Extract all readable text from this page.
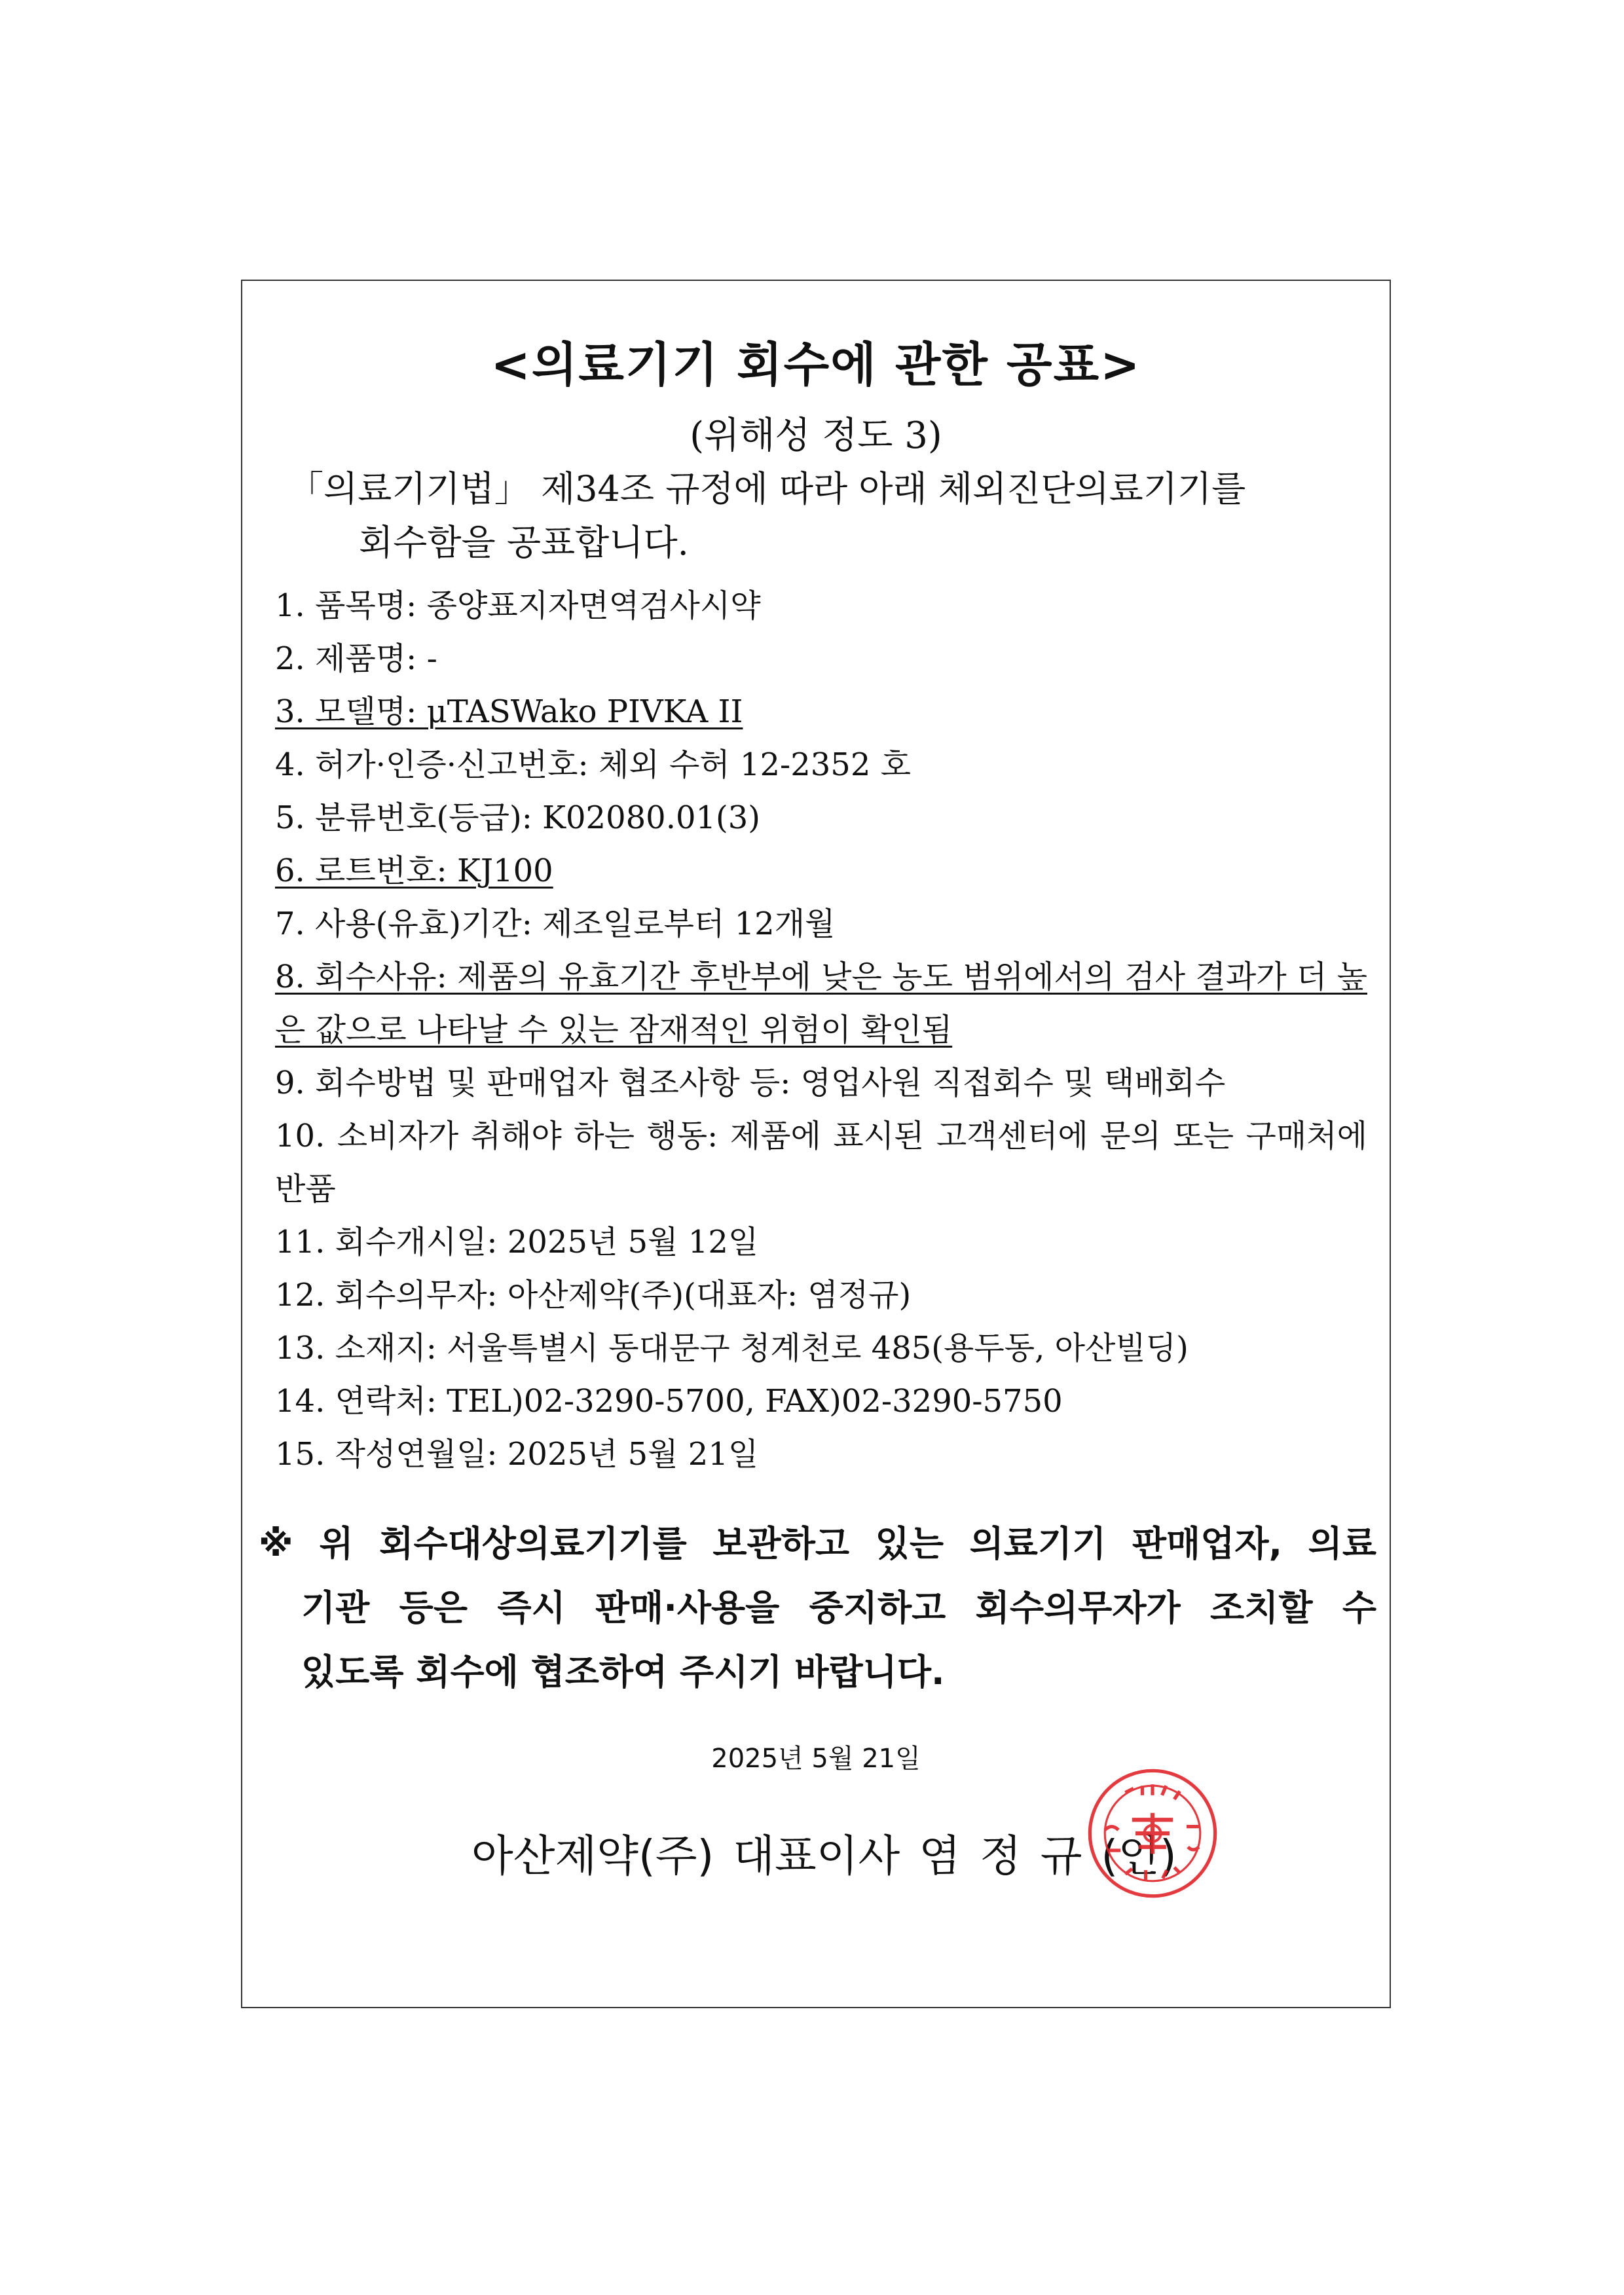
<의료기기 회수에 관한 공표>
(위해성 정도 3)
「의료기기법」 제34조 규정에 따라 아래 체외진단의료기기를
회수함을 공표합니다.
1. 품목명: 종양표지자면역검사시약
2. 제품명: -
3. 모델명: μTASWako PIVKA II
4. 허가·인증·신고번호: 체외 수허 12-2352 호
5. 분류번호(등급): K02080.01(3)
6. 로트번호: KJ100
7. 사용(유효)기간: 제조일로부터 12개월
8. 회수사유: 제품의 유효기간 후반부에 낮은 농도 범위에서의 검사 결과가 더 높은 값으로 나타날 수 있는 잠재적인 위험이 확인됨
9. 회수방법 및 판매업자 협조사항 등: 영업사원 직접회수 및 택배회수
10. 소비자가 취해야 하는 행동: 제품에 표시된 고객센터에 문의 또는 구매처에 반품
11. 회수개시일: 2025년 5월 12일
12. 회수의무자: 아산제약(주)(대표자: 염정규)
13. 소재지: 서울특별시 동대문구 청계천로 485(용두동, 아산빌딩)
14. 연락처: TEL)02-3290-5700, FAX)02-3290-5750
15. 작성연월일: 2025년 5월 21일
※ 위 회수대상의료기기를 보관하고 있는 의료기기 판매업자, 의료
기관 등은 즉시 판매·사용을 중지하고 회수의무자가 조치할 수
있도록 회수에 협조하여 주시기 바랍니다.
2025년 5월 21일
아산제약(주) 대표이사 염 정 규 (인)
